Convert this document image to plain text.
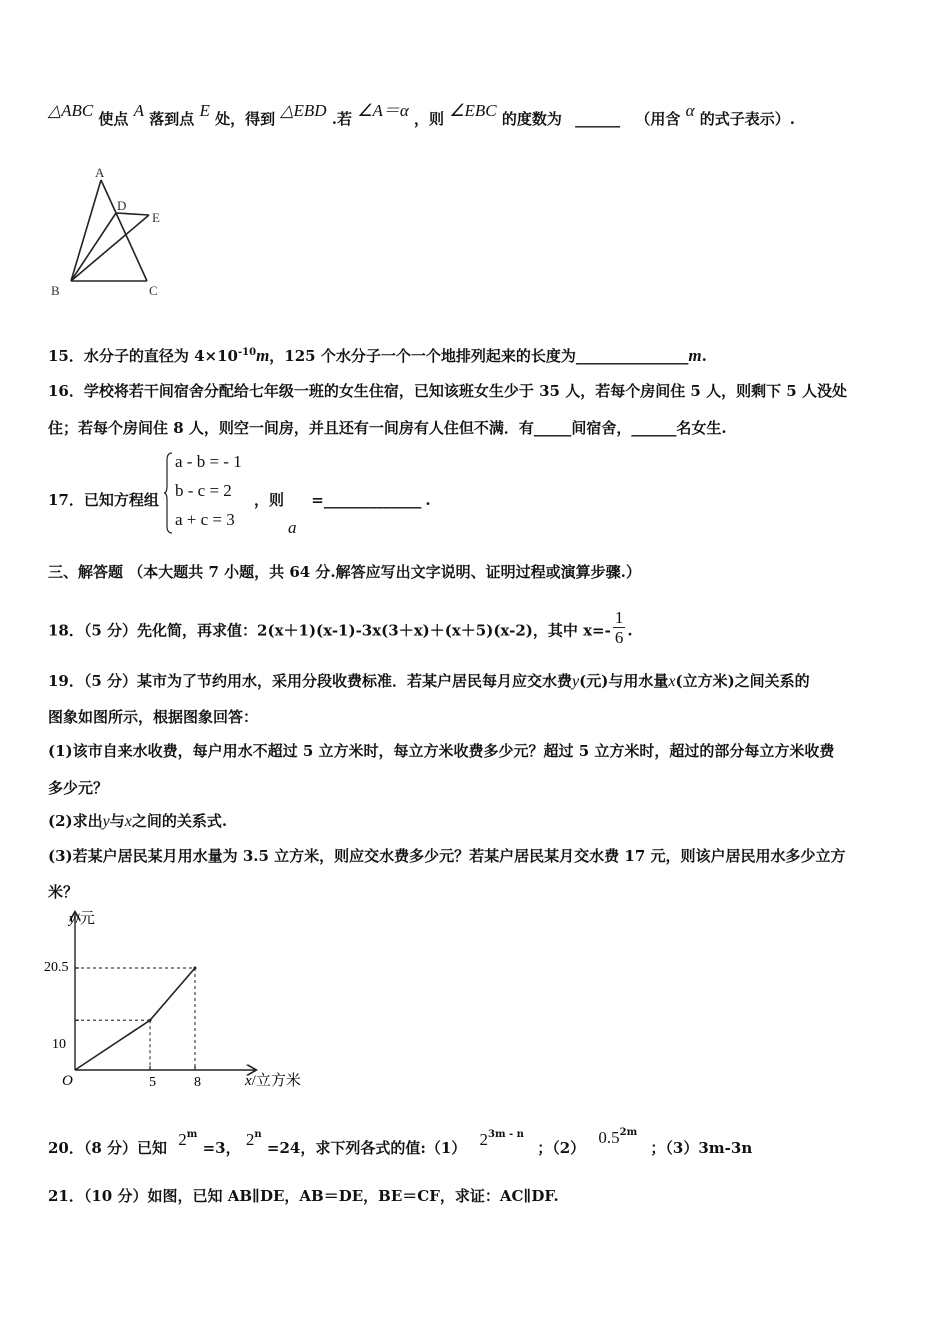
△ABC 使点 A 落到点 E 处，得到 △EBD .若 ∠A＝α ，则 ∠EBC 的度数为 ______ （用含 α 的式子表示）.
A
D
E
B	C
15．水分子的直径为 $4\times 10^{-10}m$，125 个水分子一个一个地排列起来的长度为_______________m.
16．学校将若干间宿舍分配给七年级一班的女生住宿，已知该班女生少于 35 人，若每个房间住 5 人，则剩下 5 人没处
住；若每个房间住 8 人，则空一间房，并且还有一间房有人住但不满．有_____间宿舍，______名女生.
17．已知方程组
a - b = - 1
b - c = 2
a + c = 3
，则 =_____________ .
a
三、解答题 （本大题共 7 小题，共 64 分.解答应写出文字说明、证明过程或演算步骤.）
18．（5 分）先化简，再求值：2(x＋1)(x-1)-3x(3＋x)＋(x＋5)(x-2)，其中 $x=- \frac{1}{6}$ .
19．（5 分）某市为了节约用水，采用分段收费标准．若某户居民每月应交水费y(元)与用水量x(立方米)之间关系的
图象如图所示，根据图象回答：
(1)该市自来水收费，每户用水不超过 5 立方米时，每立方米收费多少元？超过 5 立方米时，超过的部分每立方米收费
多少元？
(2)求出y与x之间的关系式.
(3)若某户居民某月用水量为 3.5 立方米，则应交水费多少元？若某户居民某月交水费 17 元，则该户居民用水多少立方
米？
O
10
20.5
5	8
y/元
x/立方米
20．（8 分）已知 $2^m =3$， $2^n =24$，求下列各式的值:（1） $2^{3m - n}$ ；（2） $0.5^{2m}$ ；（3）3m-3n
21．（10 分）如图，已知 AB∥DE，AB＝DE，BE＝CF，求证：AC∥DF.
